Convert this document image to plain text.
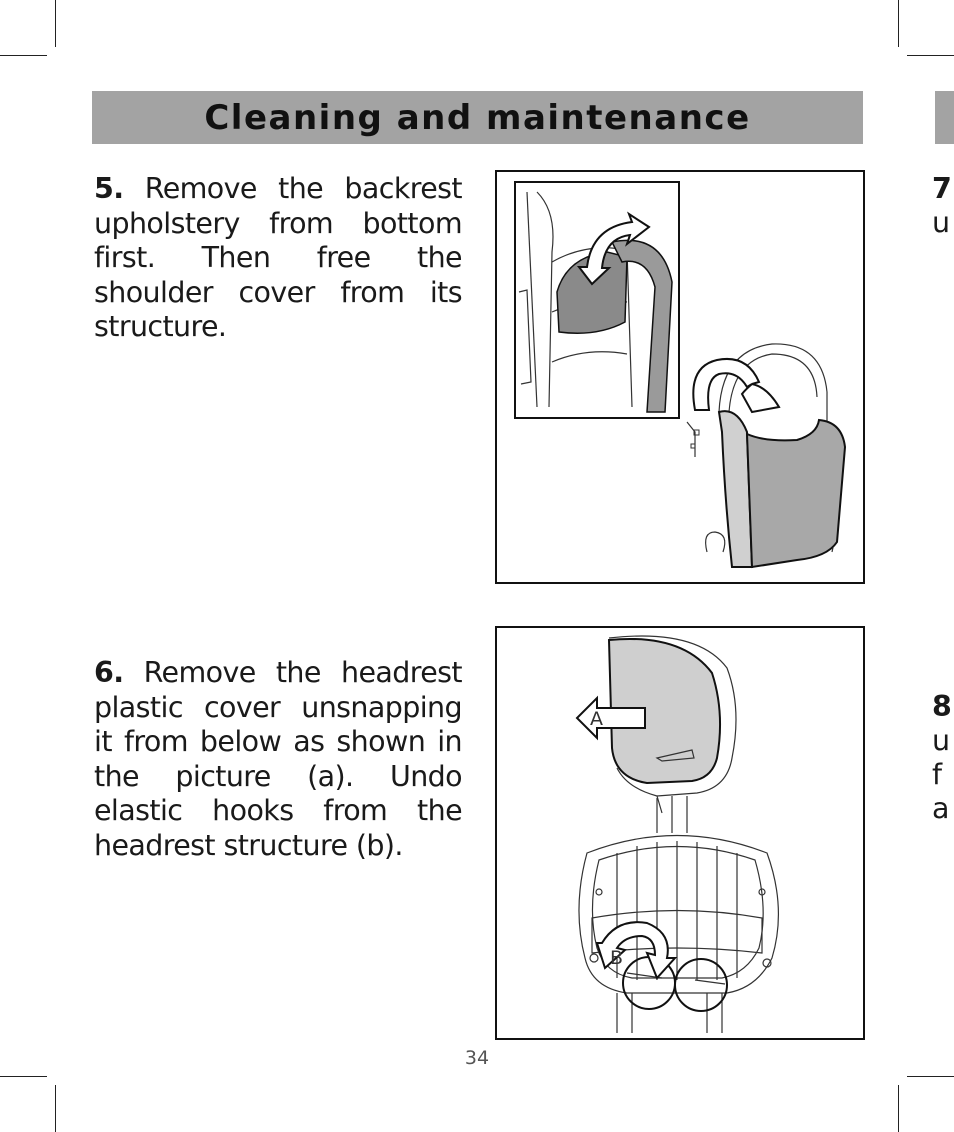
Cleaning and maintenance
5. Remove the backrest upholstery from bottom first. Then free the shoulder cover from its structure.
6. Remove the headrest plastic cover unsnapping it from below as shown in the picture (a). Undo elastic hooks from the headrest structure (b).
A
B
7
u
8
u
f
a
34
